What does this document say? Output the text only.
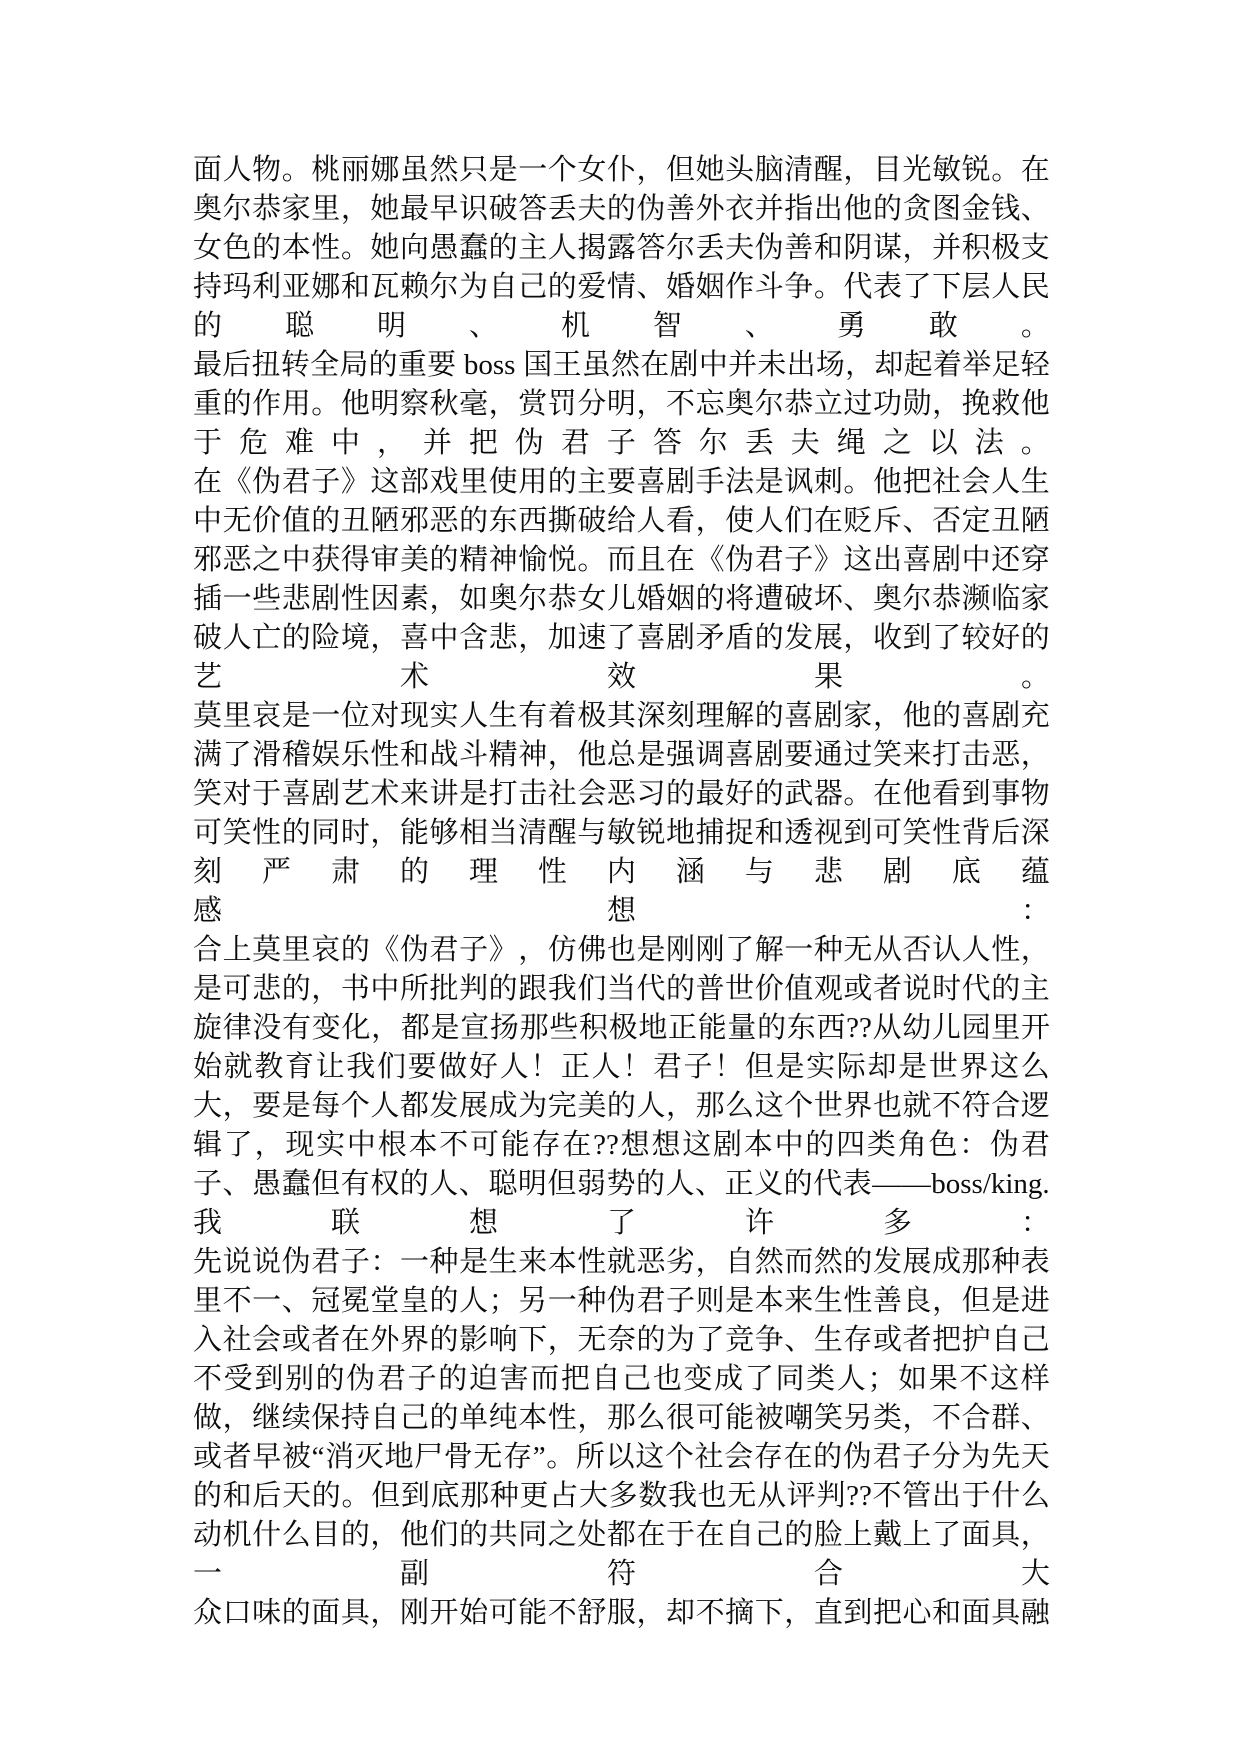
面 人 物 。 桃 丽 娜 虽 然 只 是 一 个 女 仆 ， 但 她 头 脑 清 醒 ， 目 光 敏 锐 。 在
奥 尔 恭 家 里 ， 她 最 早 识 破 答 丢 夫 的 伪 善 外 衣 并 指 出 他 的 贪 图 金 钱 、
女 色 的 本 性 。 她 向 愚 蠢 的 主 人 揭 露 答 尔 丢 夫 伪 善 和 阴 谋 ， 并 积 极 支
持 玛 利 亚 娜 和 瓦 赖 尔 为 自 己 的 爱 情 、 婚 姻 作 斗 争 。 代 表 了 下 层 人 民
的 聪 明 、 机 智 、 勇 敢 。
最 后 扭 转 全 局 的 重 要
boss
国 王 虽 然 在 剧 中 并 未 出 场 ， 却 起 着 举 足 轻
重 的 作 用 。 他 明 察 秋 毫 ， 赏 罚 分 明 ， 不 忘 奥 尔 恭 立 过 功 勋 ， 挽 救 他
于 危 难 中 ， 并 把 伪 君 子 答 尔 丢 夫 绳 之 以 法 。
在 《 伪 君 子 》 这 部 戏 里 使 用 的 主 要 喜 剧 手 法 是 讽 刺 。 他 把 社 会 人 生
中 无 价 值 的 丑 陋 邪 恶 的 东 西 撕 破 给 人 看 ， 使 人 们 在 贬 斥 、 否 定 丑 陋
邪 恶 之 中 获 得 审 美 的 精 神 愉 悦 。 而 且 在 《 伪 君 子 》 这 出 喜 剧 中 还 穿
插 一 些 悲 剧 性 因 素 ， 如 奥 尔 恭 女 儿 婚 姻 的 将 遭 破 坏 、 奥 尔 恭 濒 临 家
破 人 亡 的 险 境 ， 喜 中 含 悲 ， 加 速 了 喜 剧 矛 盾 的 发 展 ， 收 到 了 较 好 的
艺	术	效	果	。
莫 里 哀 是 一 位 对 现 实 人 生 有 着 极 其 深 刻 理 解 的 喜 剧 家 ， 他 的 喜 剧 充
满 了 滑 稽 娱 乐 性 和 战 斗 精 神 ， 他 总 是 强 调 喜 剧 要 通 过 笑 来 打 击 恶 ，
笑 对 于 喜 剧 艺 术 来 讲 是 打 击 社 会 恶 习 的 最 好 的 武 器 。 在 他 看 到 事 物
可 笑 性 的 同 时 ， 能 够 相 当 清 醒 与 敏 锐 地 捕 捉 和 透 视 到 可 笑 性 背 后 深
刻 严 肃 的 理 性 内 涵 与 悲 剧 底 蕴
感	想	：
合 上 莫 里 哀 的 《 伪 君 子 》 ， 仿 佛 也 是 刚 刚 了 解 一 种 无 从 否 认 人 性 ，
是 可 悲 的 ， 书 中 所 批 判 的 跟 我 们 当 代 的 普 世 价 值 观 或 者 说 时 代 的 主
旋 律 没 有 变 化 ， 都 是 宣 扬 那 些 积 极 地 正 能 量 的 东 西 ?? 从 幼 儿 园 里 开
始 就 教 育 让 我 们 要 做 好 人 ！ 正 人 ！ 君 子 ！ 但 是 实 际 却 是 世 界 这 么
大 ， 要 是 每 个 人 都 发 展 成 为 完 美 的 人 ， 那 么 这 个 世 界 也 就 不 符 合 逻
辑 了 ， 现 实 中 根 本 不 可 能 存 在 ?? 想 想 这 剧 本 中 的 四 类 角 色 ： 伪 君
子 、 愚 蠢 但 有 权 的 人 、 聪 明 但 弱 势 的 人 、 正 义 的 代 表 — — boss/king.
我	联	想	了	许	多	：
先 说 说 伪 君 子 ： 一 种 是 生 来 本 性 就 恶 劣 ， 自 然 而 然 的 发 展 成 那 种 表
里 不 一 、 冠 冕 堂 皇 的 人 ； 另 一 种 伪 君 子 则 是 本 来 生 性 善 良 ， 但 是 进
入 社 会 或 者 在 外 界 的 影 响 下 ， 无 奈 的 为 了 竞 争 、 生 存 或 者 把 护 自 己
不 受 到 别 的 伪 君 子 的 迫 害 而 把 自 己 也 变 成 了 同 类 人 ； 如 果 不 这 样
做 ， 继 续 保 持 自 己 的 单 纯 本 性 ， 那 么 很 可 能 被 嘲 笑 另 类 ， 不 合 群 、
或 者 早 被 “ 消 灭 地 尸 骨 无 存 ” 。 所 以 这 个 社 会 存 在 的 伪 君 子 分 为 先 天
的 和 后 天 的 。 但 到 底 那 种 更 占 大 多 数 我 也 无 从 评 判 ?? 不 管 出 于 什 么
动 机 什 么 目 的 ， 他 们 的 共 同 之 处 都 在 于 在 自 己 的 脸 上 戴 上 了 面 具 ，
一	副	符	合	大
众 口 味 的 面 具 ， 刚 开 始 可 能 不 舒 服 ， 却 不 摘 下 ， 直 到 把 心 和 面 具 融
